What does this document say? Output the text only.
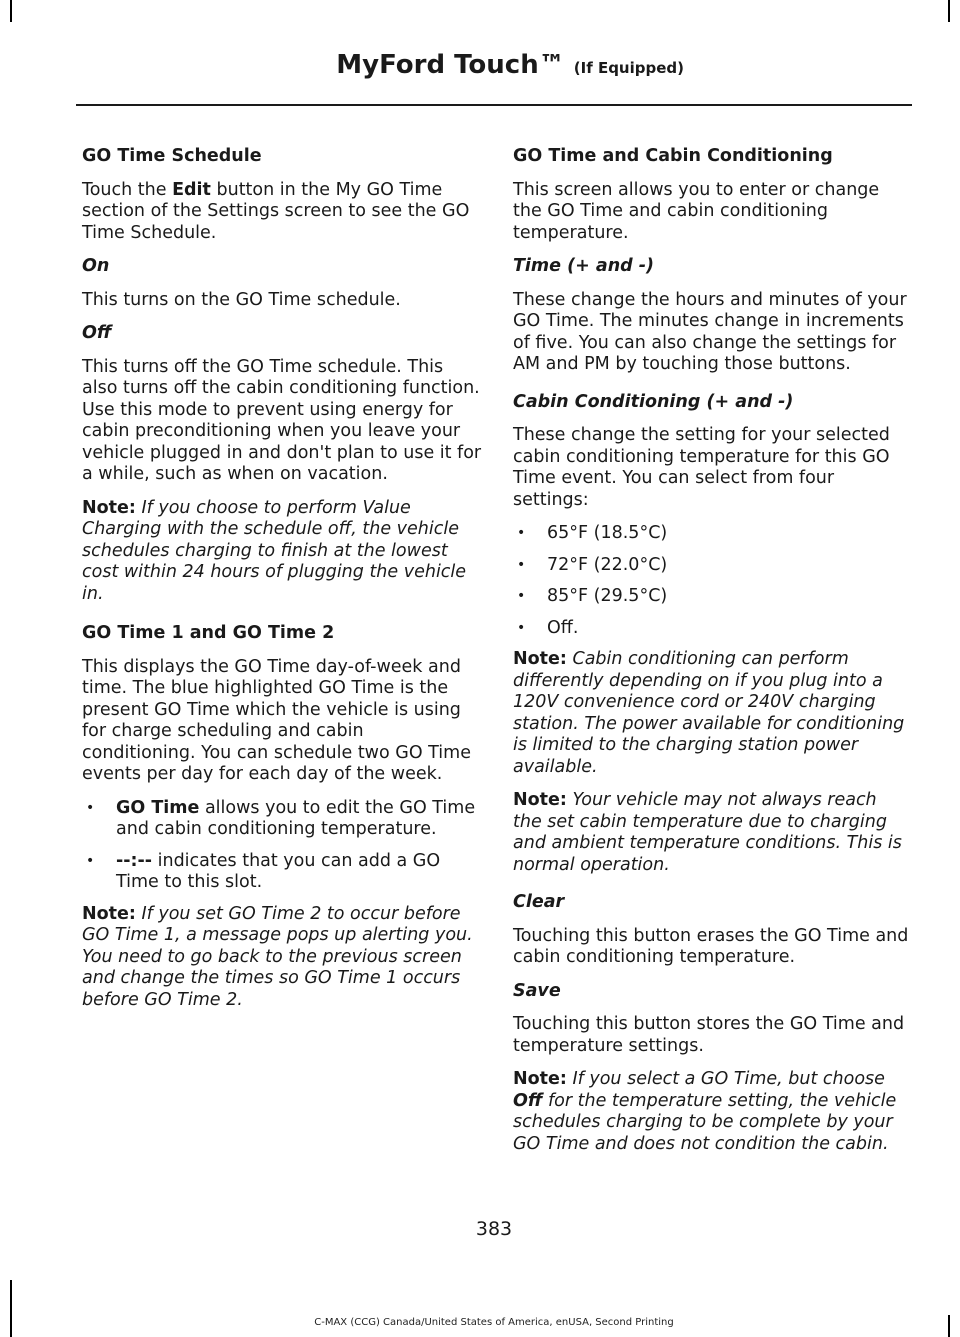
MyFord Touch™ (If Equipped)
GO Time Schedule

Touch the Edit button in the My GO Time section of the Settings screen to see the GO Time Schedule.

On

This turns on the GO Time schedule.

Off

This turns off the GO Time schedule. This also turns off the cabin conditioning function. Use this mode to prevent using energy for cabin preconditioning when you leave your vehicle plugged in and don't plan to use it for a while, such as when on vacation.

Note: If you choose to perform Value Charging with the schedule off, the vehicle schedules charging to finish at the lowest cost within 24 hours of plugging the vehicle in.

GO Time 1 and GO Time 2

This displays the GO Time day-of-week and time. The blue highlighted GO Time is the present GO Time which the vehicle is using for charge scheduling and cabin conditioning. You can schedule two GO Time events per day for each day of the week.

• GO Time allows you to edit the GO Time and cabin conditioning temperature.
• --:-- indicates that you can add a GO Time to this slot.

Note: If you set GO Time 2 to occur before GO Time 1, a message pops up alerting you. You need to go back to the previous screen and change the times so GO Time 1 occurs before GO Time 2.

GO Time and Cabin Conditioning

This screen allows you to enter or change the GO Time and cabin conditioning temperature.

Time (+ and -)

These change the hours and minutes of your GO Time. The minutes change in increments of five. You can also change the settings for AM and PM by touching those buttons.

Cabin Conditioning (+ and -)

These change the setting for your selected cabin conditioning temperature for this GO Time event. You can select from four settings:

• 65°F (18.5°C)
• 72°F (22.0°C)
• 85°F (29.5°C)
• Off.

Note: Cabin conditioning can perform differently depending on if you plug into a 120V convenience cord or 240V charging station. The power available for conditioning is limited to the charging station power available.

Note: Your vehicle may not always reach the set cabin temperature due to charging and ambient temperature conditions. This is normal operation.

Clear

Touching this button erases the GO Time and cabin conditioning temperature.

Save

Touching this button stores the GO Time and temperature settings.

Note: If you select a GO Time, but choose Off for the temperature setting, the vehicle schedules charging to be complete by your GO Time and does not condition the cabin.

383
C-MAX (CCG) Canada/United States of America, enUSA, Second Printing
